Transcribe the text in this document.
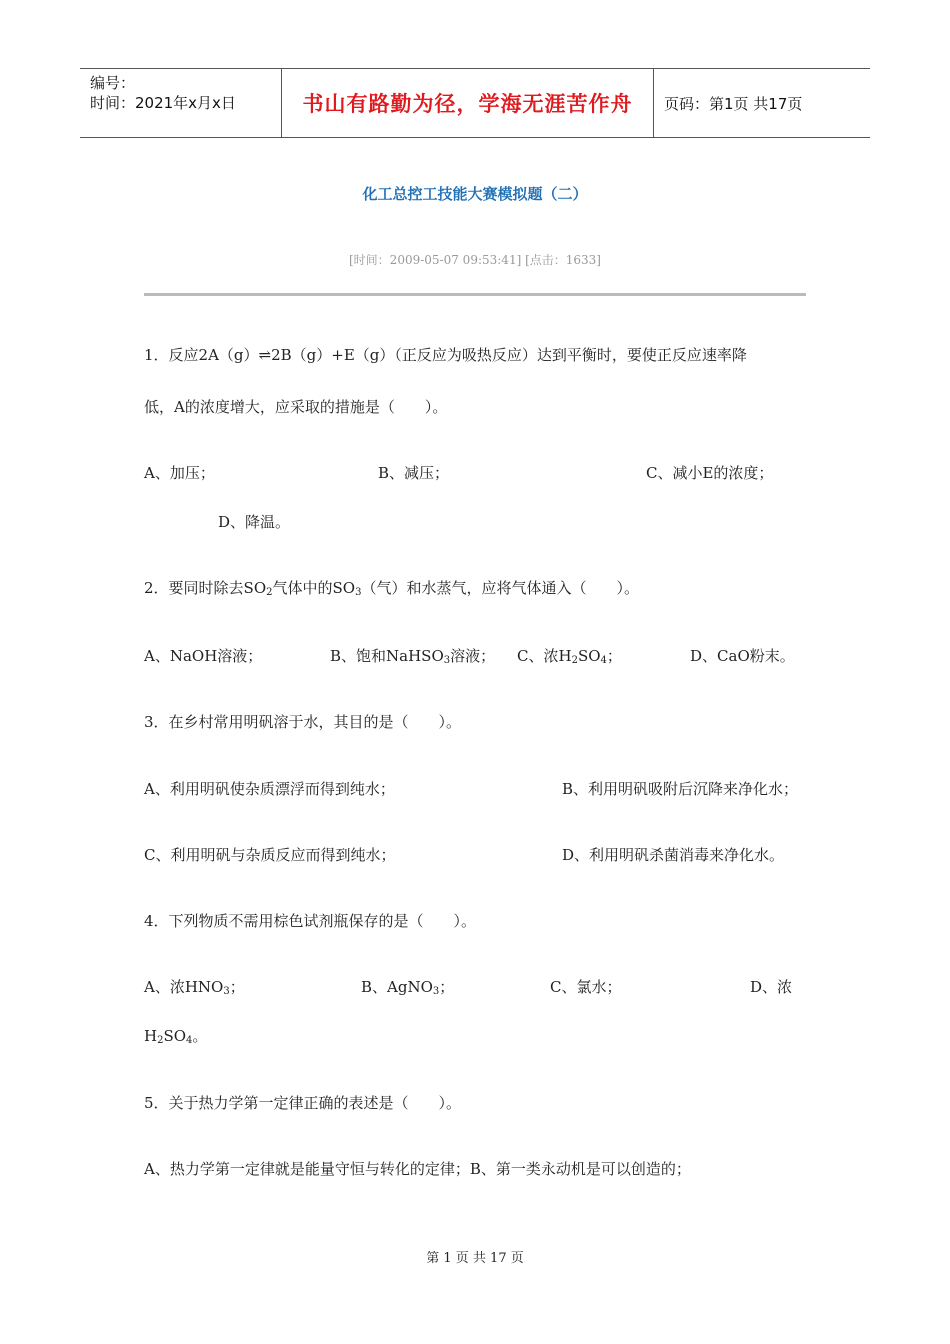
编号：
时间：2021年x月x日	书山有路勤为径，学海无涯苦作舟 页码：第1页 共17页
化工总控工技能大赛模拟题（二）
[时间：2009-05-07 09:53:41] [点击：1633]
1．反应2A（g）⇌2B（g）+E（g）（正反应为吸热反应）达到平衡时，要使正反应速率降
低，A的浓度增大，应采取的措施是（　　）。
A、加压；	B、减压；	C、减小E的浓度；
D、降温。
2．要同时除去$SO_2$气体中的$SO_3$（气）和水蒸气，应将气体通入（　　）。
A、NaOH溶液；	B、饱和NaHSO$_3$溶液； C、浓$H_2SO_4$；	D、CaO粉末。
3．在乡村常用明矾溶于水，其目的是（　　）。
A、利用明矾使杂质漂浮而得到纯水；	B、利用明矾吸附后沉降来净化水；
C、利用明矾与杂质反应而得到纯水；	D、利用明矾杀菌消毒来净化水。
4．下列物质不需用棕色试剂瓶保存的是（　　）。
A、浓$HNO_3$；	B、AgNO$_3$；	C、氯水；	D、浓
$H_2SO_4$。
5．关于热力学第一定律正确的表述是（　　）。
A、热力学第一定律就是能量守恒与转化的定律；B、第一类永动机是可以创造的；
第 1 页 共 17 页
